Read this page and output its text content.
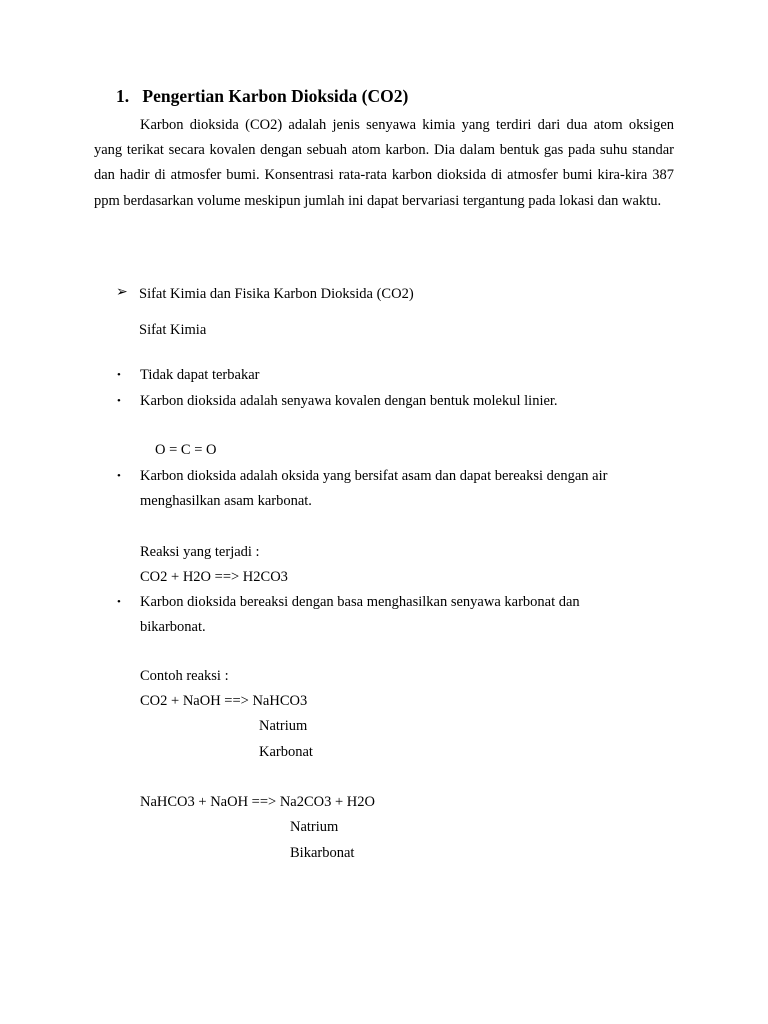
1. Pengertian Karbon Dioksida (CO2)
Karbon dioksida (CO2) adalah jenis senyawa kimia yang terdiri dari dua atom oksigen yang terikat secara kovalen dengan sebuah atom karbon. Dia dalam bentuk gas pada suhu standar dan hadir di atmosfer bumi. Konsentrasi rata-rata karbon dioksida di atmosfer bumi kira-kira 387 ppm berdasarkan volume meskipun jumlah ini dapat bervariasi tergantung pada lokasi dan waktu.
➢ Sifat Kimia dan Fisika Karbon Dioksida (CO2)
Sifat Kimia
• Tidak dapat terbakar
• Karbon dioksida adalah senyawa kovalen dengan bentuk molekul linier.
O = C = O
• Karbon dioksida adalah oksida yang bersifat asam dan dapat bereaksi dengan air
menghasilkan asam karbonat.
Reaksi yang terjadi :
CO2 + H2O ==> H2CO3
• Karbon dioksida bereaksi dengan basa menghasilkan senyawa karbonat dan
bikarbonat.
Contoh reaksi :
CO2 + NaOH ==> NaHCO3
Natrium
Karbonat
NaHCO3 + NaOH ==> Na2CO3 + H2O
Natrium
Bikarbonat
